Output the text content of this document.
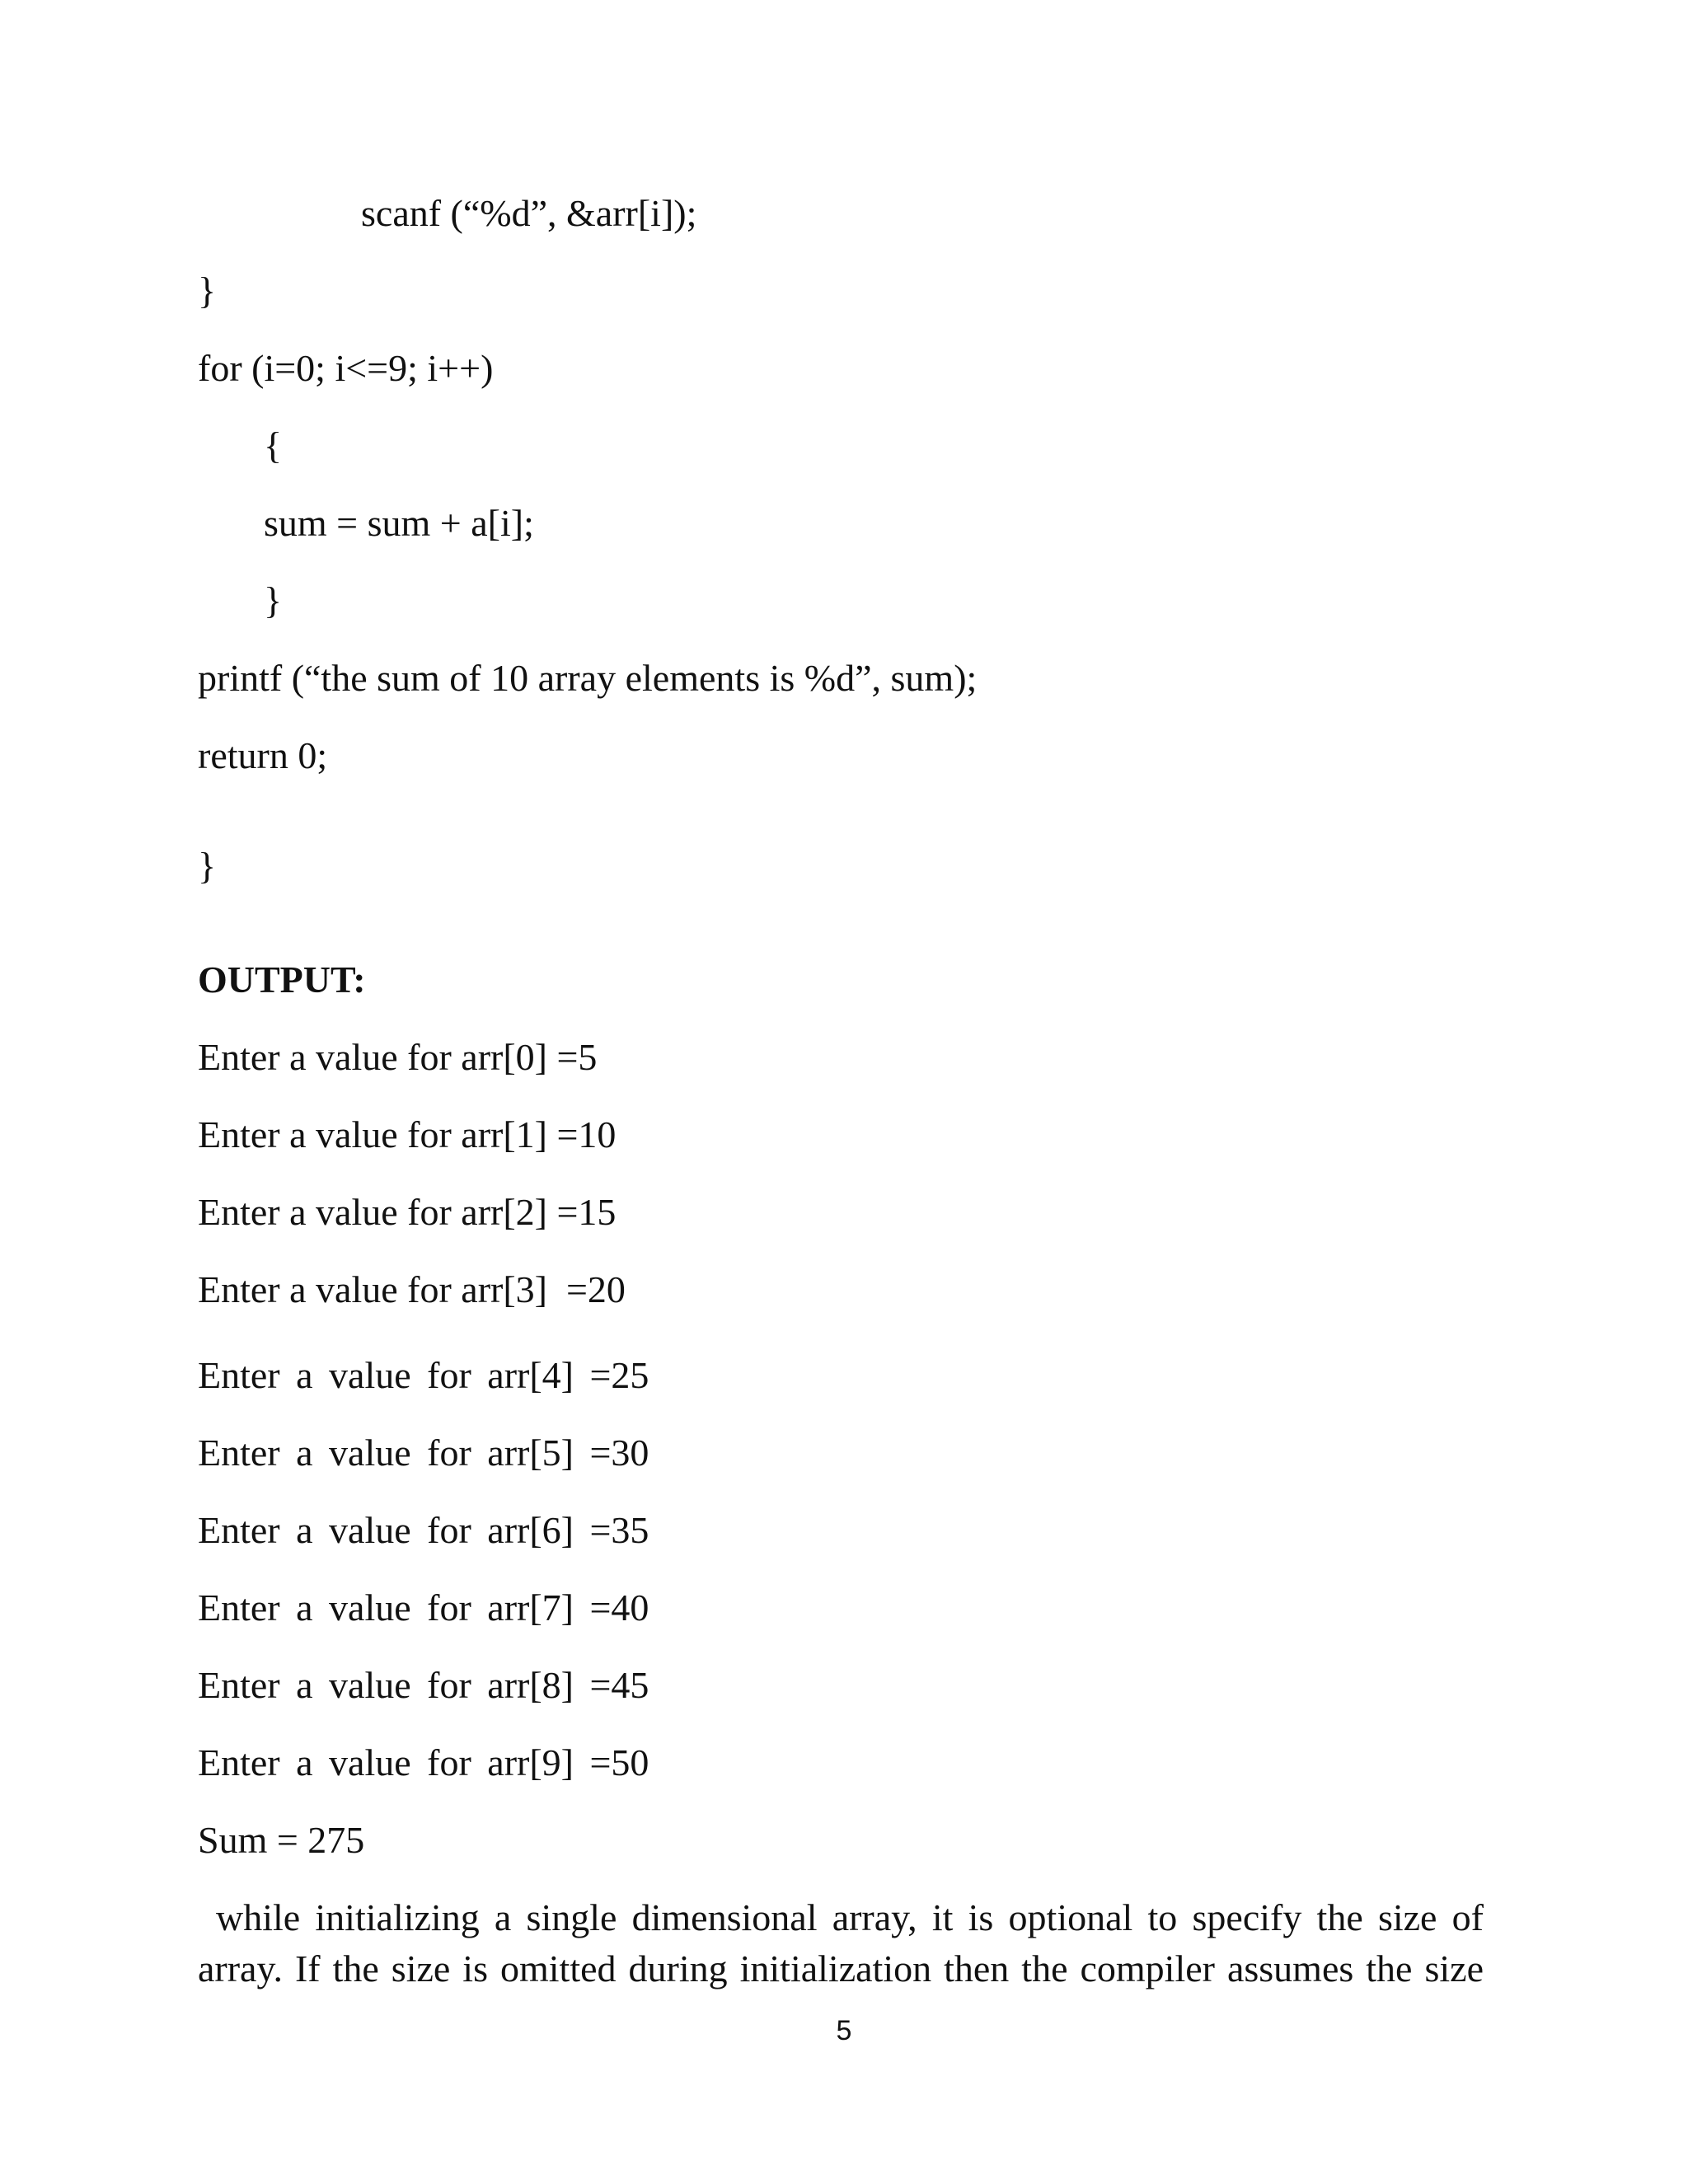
scanf (“%d”, &arr[i]);
}
for (i=0; i<=9; i++)
{
sum = sum + a[i];
}
printf (“the sum of 10 array elements is %d”, sum);
return 0;
}
OUTPUT:
Enter a value for arr[0] =5
Enter a value for arr[1] =10
Enter a value for arr[2] =15
Enter a value for arr[3]  =20
Enter a value for arr[4] =25
Enter a value for arr[5] =30
Enter a value for arr[6] =35
Enter a value for arr[7] =40
Enter a value for arr[8] =45
Enter a value for arr[9] =50
Sum = 275
while initializing a single dimensional array, it is optional to specify the size of
array. If the size is omitted during initialization then the compiler assumes the size
5
